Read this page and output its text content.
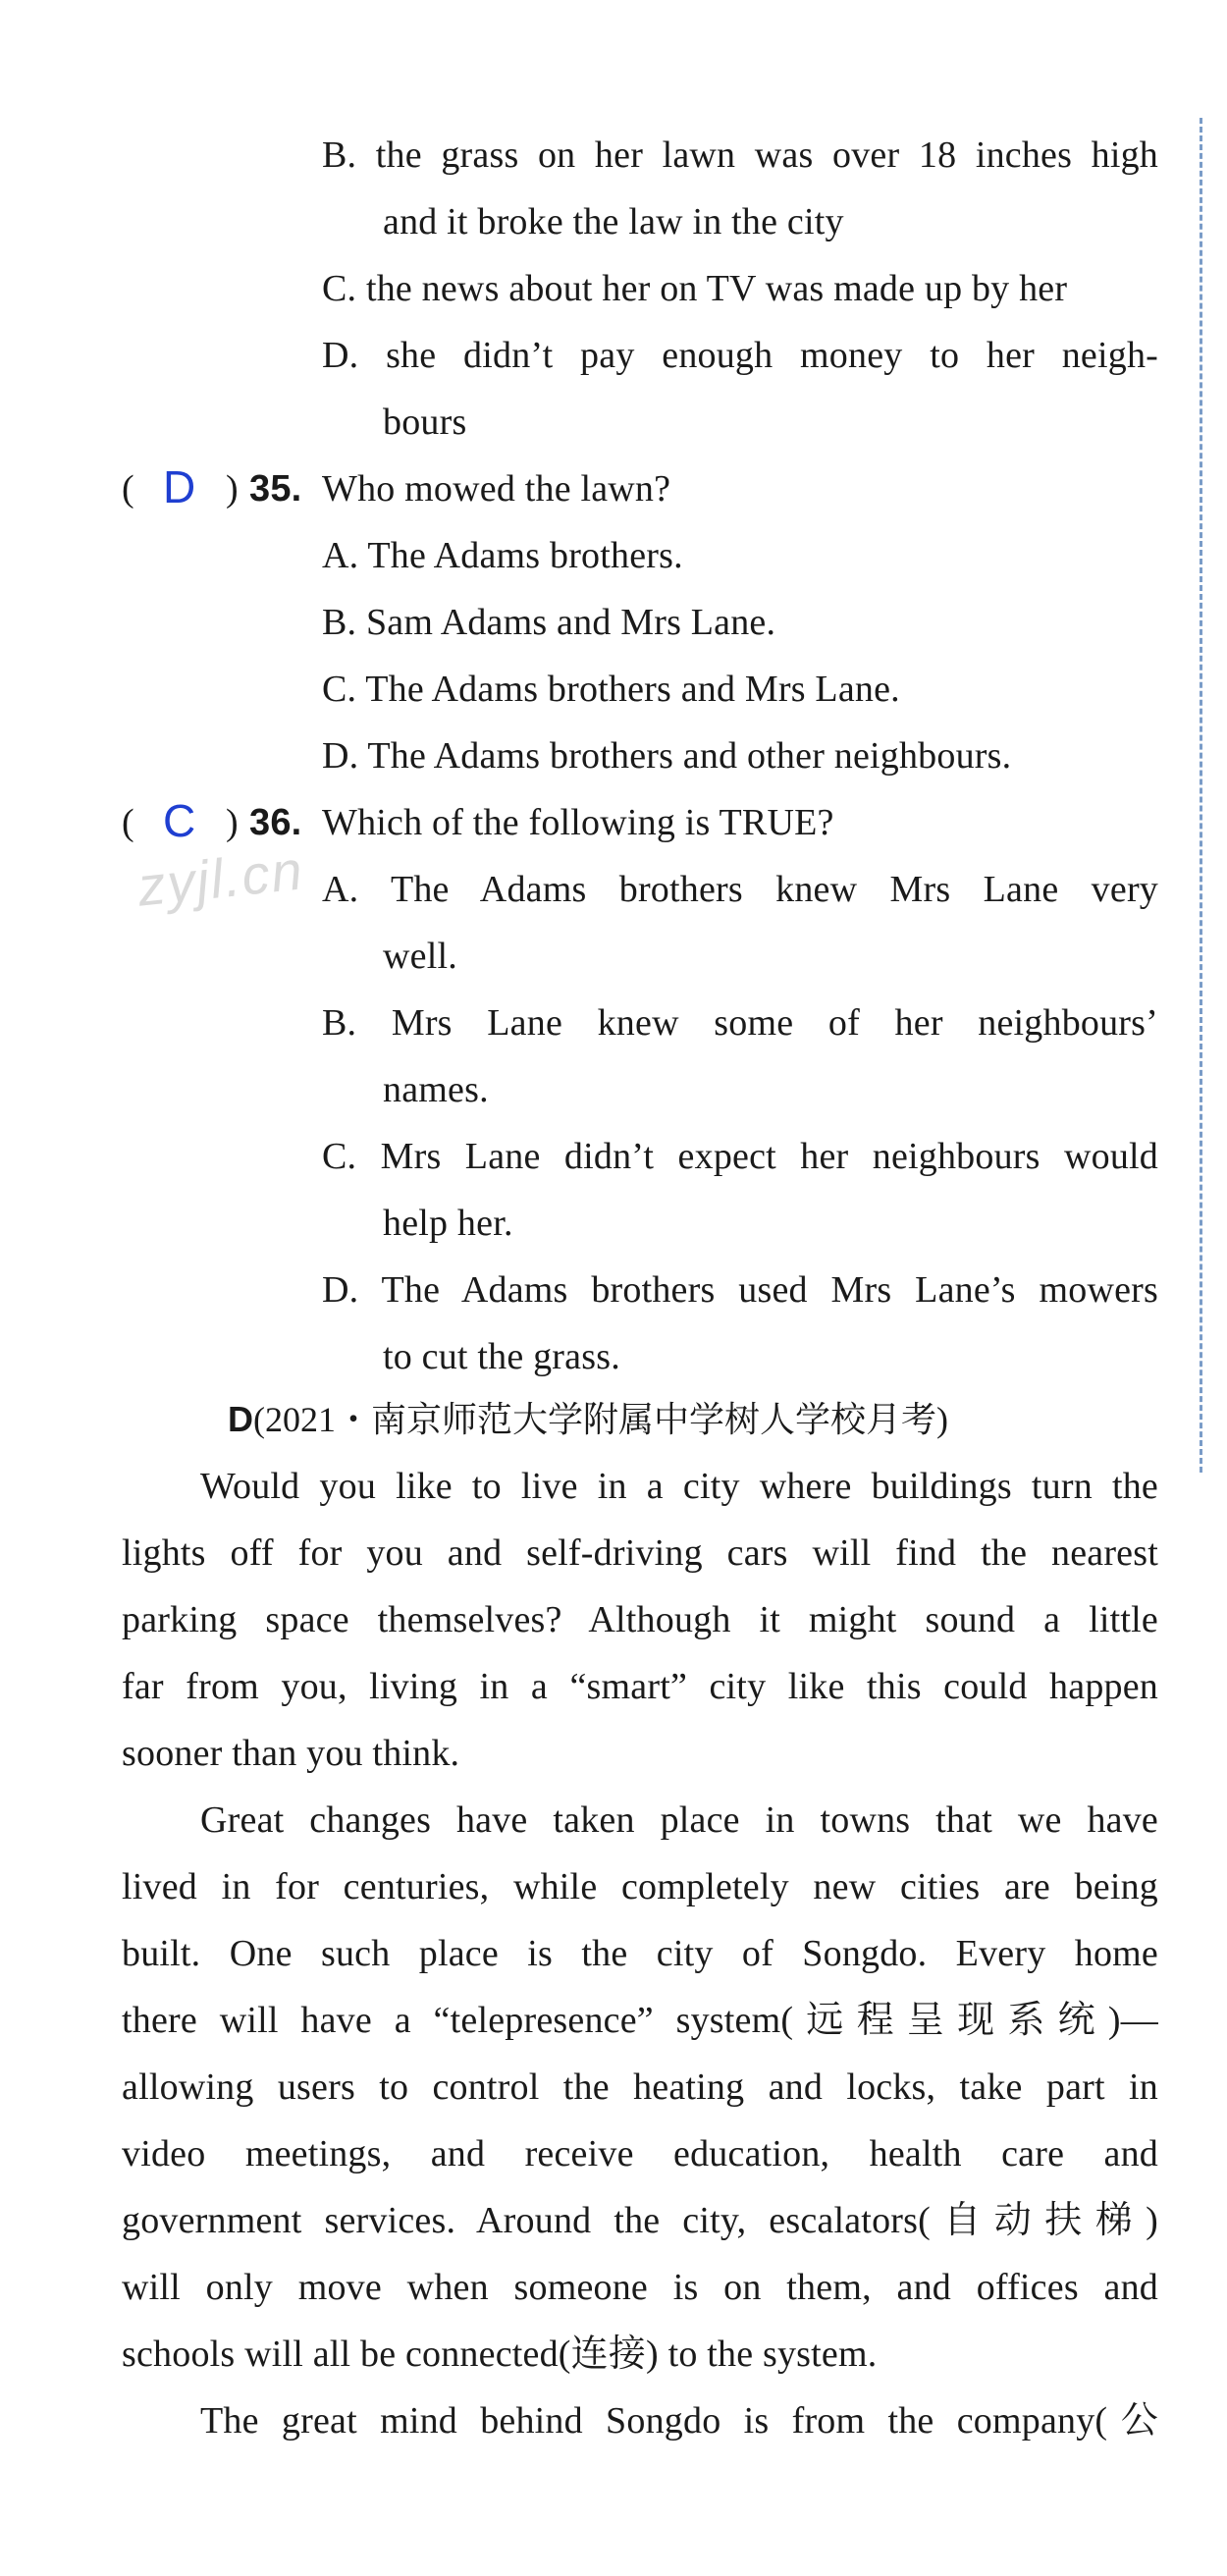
B. the grass on her lawn was over 18 inches high
and it broke the law in the city
C. the news about her on TV was made up by her
D. she didn’t pay enough money to her neigh-
bours
( D ) 35. Who mowed the lawn?
A. The Adams brothers.
B. Sam Adams and Mrs Lane.
C. The Adams brothers and Mrs Lane.
D. The Adams brothers and other neighbours.
( C ) 36. Which of the following is TRUE?
zyjl.cn A. The Adams brothers knew Mrs Lane very
well.
B. Mrs Lane knew some of her neighbours’
names.
C. Mrs Lane didn’t expect her neighbours would
help her.
D. The Adams brothers used Mrs Lane’s mowers
to cut the grass.
D(2021・南京师范大学附属中学树人学校月考)
Would you like to live in a city where buildings turn the
lights off for you and self-driving cars will find the nearest
parking space themselves? Although it might sound a little
far from you, living in a “smart” city like this could happen
sooner than you think.
Great changes have taken place in towns that we have
lived in for centuries, while completely new cities are being
built. One such place is the city of Songdo. Every home
there will have a “telepresence” system(远程呈现系统)—
allowing users to control the heating and locks, take part in
video meetings, and receive education, health care and
government services. Around the city, escalators(自动扶梯)
will only move when someone is on them, and offices and
schools will all be connected(连接) to the system.
The great mind behind Songdo is from the company(公
